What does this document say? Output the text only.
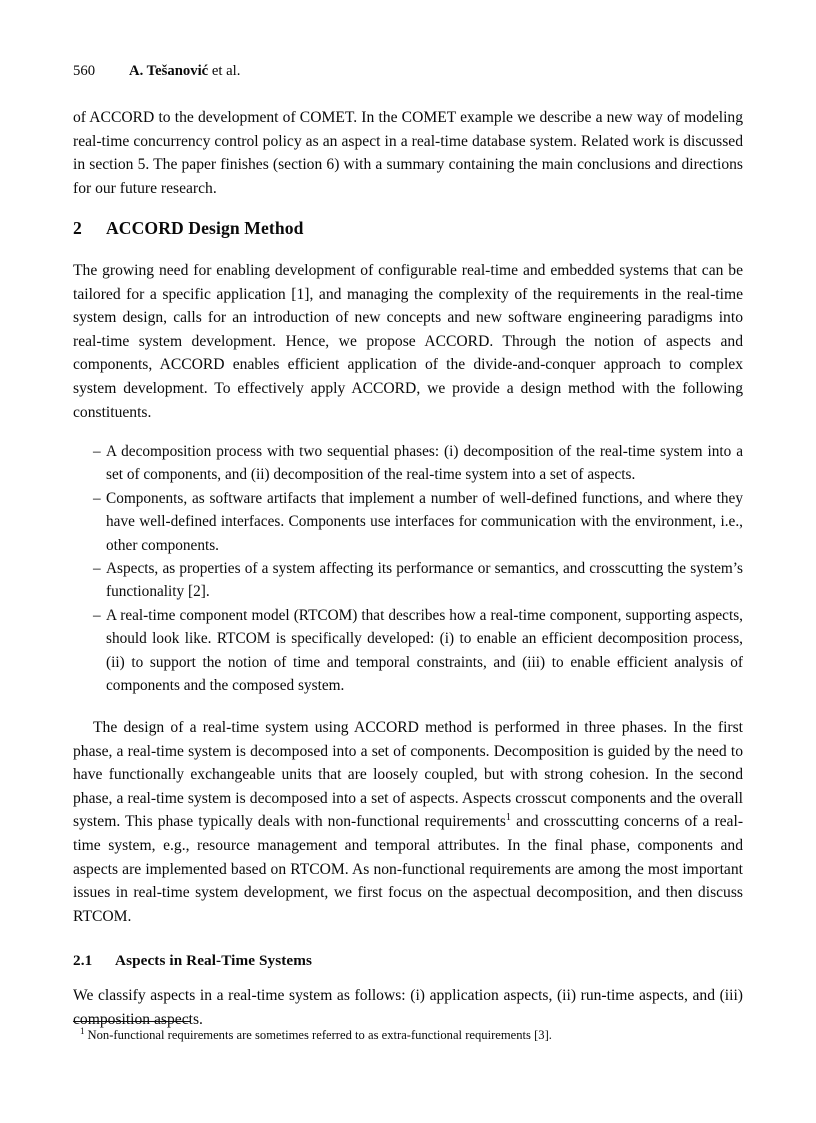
560 A. Tešanović et al.

of ACCORD to the development of COMET. In the COMET example we describe a new way of modeling real-time concurrency control policy as an aspect in a real-time database system. Related work is discussed in section 5. The paper finishes (section 6) with a summary containing the main conclusions and directions for our future research.

2 ACCORD Design Method

The growing need for enabling development of configurable real-time and embedded systems that can be tailored for a specific application [1], and managing the complexity of the requirements in the real-time system design, calls for an introduction of new concepts and new software engineering paradigms into real-time system development. Hence, we propose ACCORD. Through the notion of aspects and components, ACCORD enables efficient application of the divide-and-conquer approach to complex system development. To effectively apply ACCORD, we provide a design method with the following constituents.

– A decomposition process with two sequential phases: (i) decomposition of the real-time system into a set of components, and (ii) decomposition of the real-time system into a set of aspects.
– Components, as software artifacts that implement a number of well-defined functions, and where they have well-defined interfaces. Components use interfaces for communication with the environment, i.e., other components.
– Aspects, as properties of a system affecting its performance or semantics, and crosscutting the system’s functionality [2].
– A real-time component model (RTCOM) that describes how a real-time component, supporting aspects, should look like. RTCOM is specifically developed: (i) to enable an efficient decomposition process, (ii) to support the notion of time and temporal constraints, and (iii) to enable efficient analysis of components and the composed system.

The design of a real-time system using ACCORD method is performed in three phases. In the first phase, a real-time system is decomposed into a set of components. Decomposition is guided by the need to have functionally exchangeable units that are loosely coupled, but with strong cohesion. In the second phase, a real-time system is decomposed into a set of aspects. Aspects crosscut components and the overall system. This phase typically deals with non-functional requirements$^1$ and crosscutting concerns of a real-time system, e.g., resource management and temporal attributes. In the final phase, components and aspects are implemented based on RTCOM. As non-functional requirements are among the most important issues in real-time system development, we first focus on the aspectual decomposition, and then discuss RTCOM.

2.1 Aspects in Real-Time Systems

We classify aspects in a real-time system as follows: (i) application aspects, (ii) run-time aspects, and (iii) composition aspects.

$^1$ Non-functional requirements are sometimes referred to as extra-functional requirements [3].
